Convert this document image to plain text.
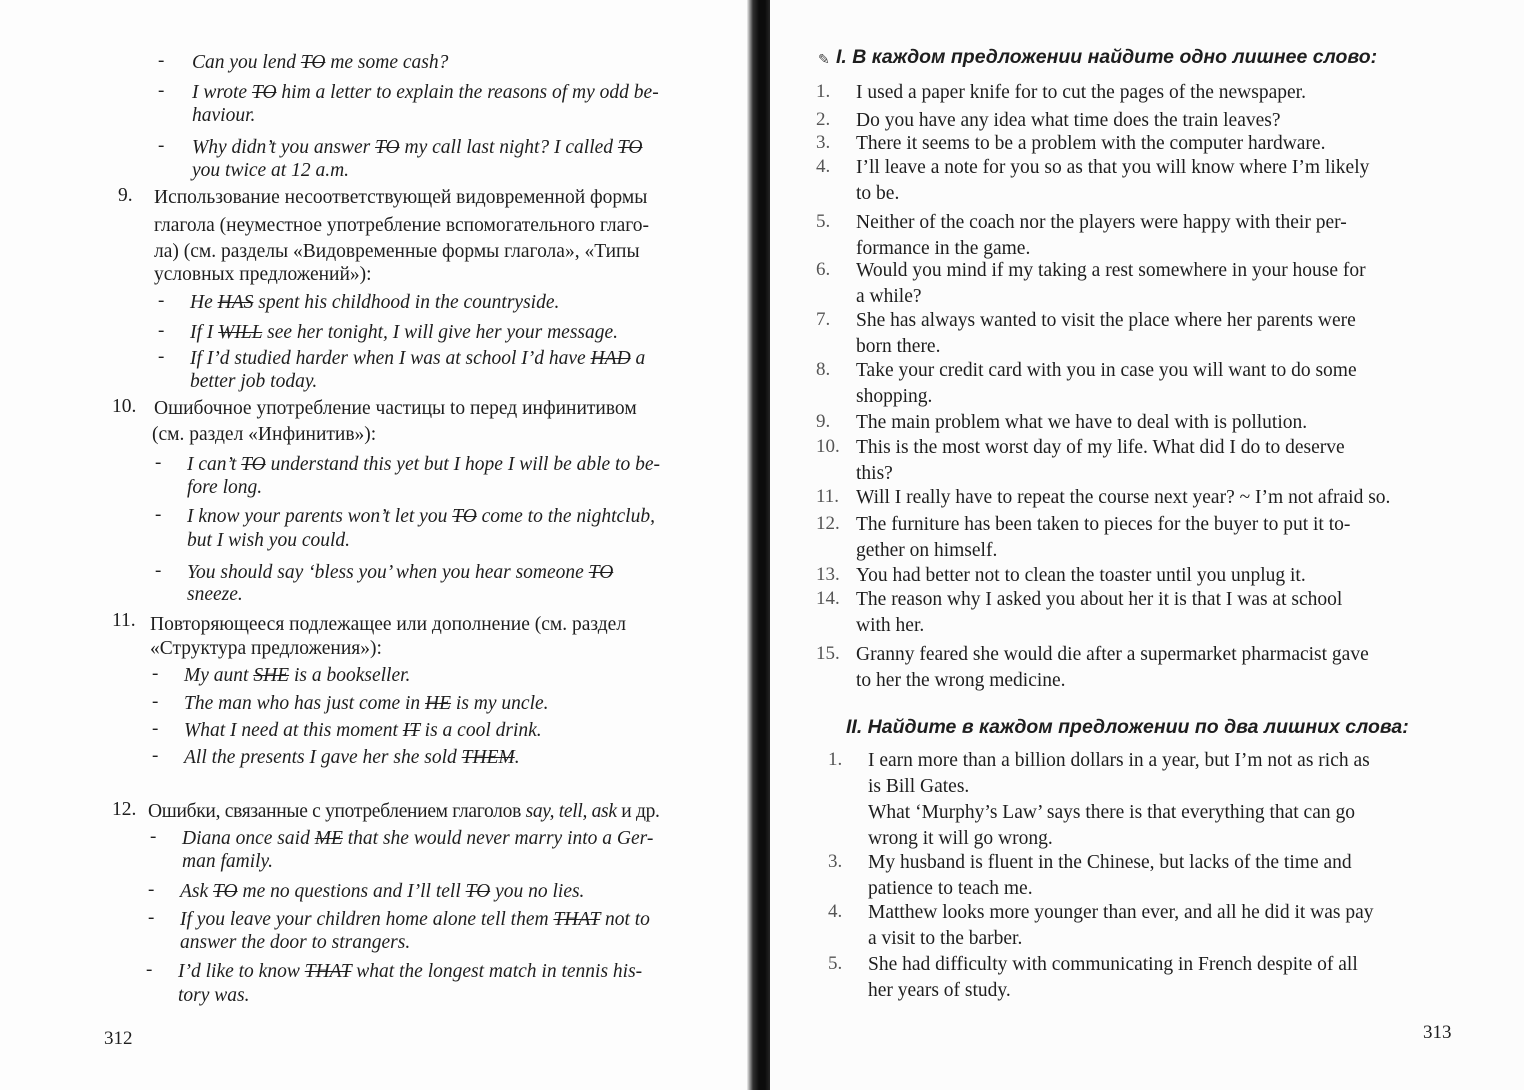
- Can you lend TO me some cash?
- I wrote TO him a letter to explain the reasons of my odd be-
haviour.
- Why didn’t you answer TO my call last night? I called TO
you twice at 12 a.m.
9. Использование несоответствующей видовременной формы
глагола (неуместное употребление вспомогательного глаго-
ла) (см. разделы «Видовременные формы глагола», «Типы
условных предложений»):
- He HAS spent his childhood in the countryside.
- If I WILL see her tonight, I will give her your message.
- If I’d studied harder when I was at school I’d have HAD a
better job today.
10. Ошибочное употребление частицы to перед инфинитивом
(см. раздел «Инфинитив»):
- I can’t TO understand this yet but I hope I will be able to be-
fore long.
- I know your parents won’t let you TO come to the nightclub,
but I wish you could.
- You should say ‘bless you’ when you hear someone TO
sneeze.
11. Повторяющееся подлежащее или дополнение (см. раздел
«Структура предложения»):
- My aunt SHE is a bookseller.
- The man who has just come in HE is my uncle.
- What I need at this moment IT is a cool drink.
- All the presents I gave her she sold THEM.
12. Ошибки, связанные с употреблением глаголов say, tell, ask и др.
- Diana once said ME that she would never marry into a Ger-
man family.
- Ask TO me no questions and I’ll tell TO you no lies.
- If you leave your children home alone tell them THAT not to
answer the door to strangers.
- I’d like to know THAT what the longest match in tennis his-
tory was.
312
✎ I. В каждом предложении найдите одно лишнее слово:
1. I used a paper knife for to cut the pages of the newspaper.
2. Do you have any idea what time does the train leaves?
3. There it seems to be a problem with the computer hardware.
4. I’ll leave a note for you so as that you will know where I’m likely
to be.
5. Neither of the coach nor the players were happy with their per-
formance in the game.
6. Would you mind if my taking a rest somewhere in your house for
a while?
7. She has always wanted to visit the place where her parents were
born there.
8. Take your credit card with you in case you will want to do some
shopping.
9. The main problem what we have to deal with is pollution.
10. This is the most worst day of my life. What did I do to deserve
this?
11. Will I really have to repeat the course next year? ~ I’m not afraid so.
12. The furniture has been taken to pieces for the buyer to put it to-
gether on himself.
13. You had better not to clean the toaster until you unplug it.
14. The reason why I asked you about her it is that I was at school
with her.
15. Granny feared she would die after a supermarket pharmacist gave
to her the wrong medicine.
II. Найдите в каждом предложении по два лишних слова:
1. I earn more than a billion dollars in a year, but I’m not as rich as
is Bill Gates.
What ‘Murphy’s Law’ says there is that everything that can go
wrong it will go wrong.
3. My husband is fluent in the Chinese, but lacks of the time and
patience to teach me.
4. Matthew looks more younger than ever, and all he did it was pay
a visit to the barber.
5. She had difficulty with communicating in French despite of all
her years of study.
313
